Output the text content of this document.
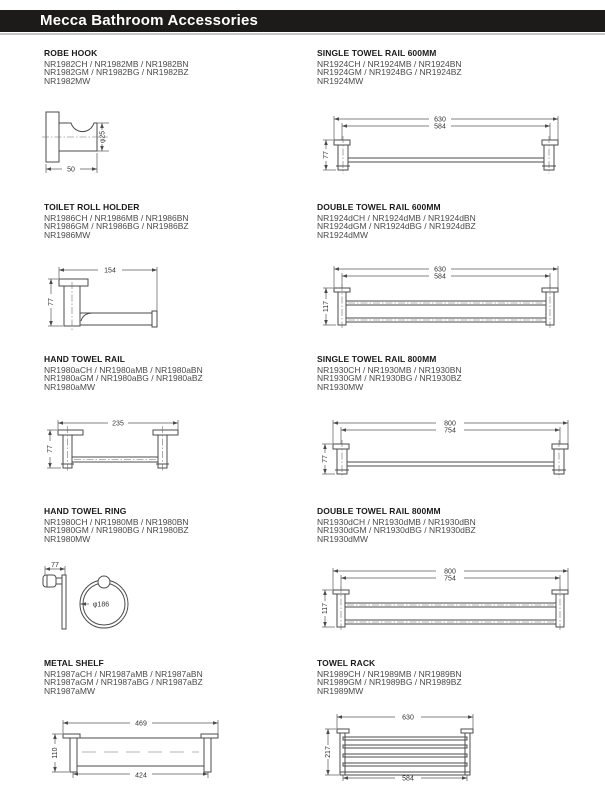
Mecca Bathroom Accessories
ROBE HOOK

NR1982CH / NR1982MB / NR1982BN

NR1982GM / NR1982BG / NR1982BZ

NR1982MW

φ25
50
SINGLE TOWEL RAIL 600MM

NR1924CH / NR1924MB / NR1924BN

NR1924GM / NR1924BG / NR1924BZ

NR1924MW

630
584
77
TOILET ROLL HOLDER

NR1986CH / NR1986MB / NR1986BN

NR1986GM / NR1986BG / NR1986BZ

NR1986MW

154
77
DOUBLE TOWEL RAIL 600MM

NR1924dCH / NR1924dMB / NR1924dBN

NR1924dGM / NR1924dBG / NR1924dBZ

NR1924dMW

630
584
117
HAND TOWEL RAIL

NR1980aCH / NR1980aMB / NR1980aBN

NR1980aGM / NR1980aBG / NR1980aBZ

NR1980aMW

235
77
SINGLE TOWEL RAIL 800MM

NR1930CH / NR1930MB / NR1930BN

NR1930GM / NR1930BG / NR1930BZ

NR1930MW

800
754
77
HAND TOWEL RING

NR1980CH / NR1980MB / NR1980BN

NR1980GM / NR1980BG / NR1980BZ

NR1980MW

77
φ186
DOUBLE TOWEL RAIL 800MM

NR1930dCH / NR1930dMB / NR1930dBN

NR1930dGM / NR1930dBG / NR1930dBZ

NR1930dMW

800
754
117
METAL SHELF

NR1987aCH / NR1987aMB / NR1987aBN

NR1987aGM / NR1987aBG / NR1987aBZ

NR1987aMW

469
424
110
TOWEL RACK

NR1989CH / NR1989MB / NR1989BN

NR1989GM / NR1989BG / NR1989BZ

NR1989MW

630
584
217
